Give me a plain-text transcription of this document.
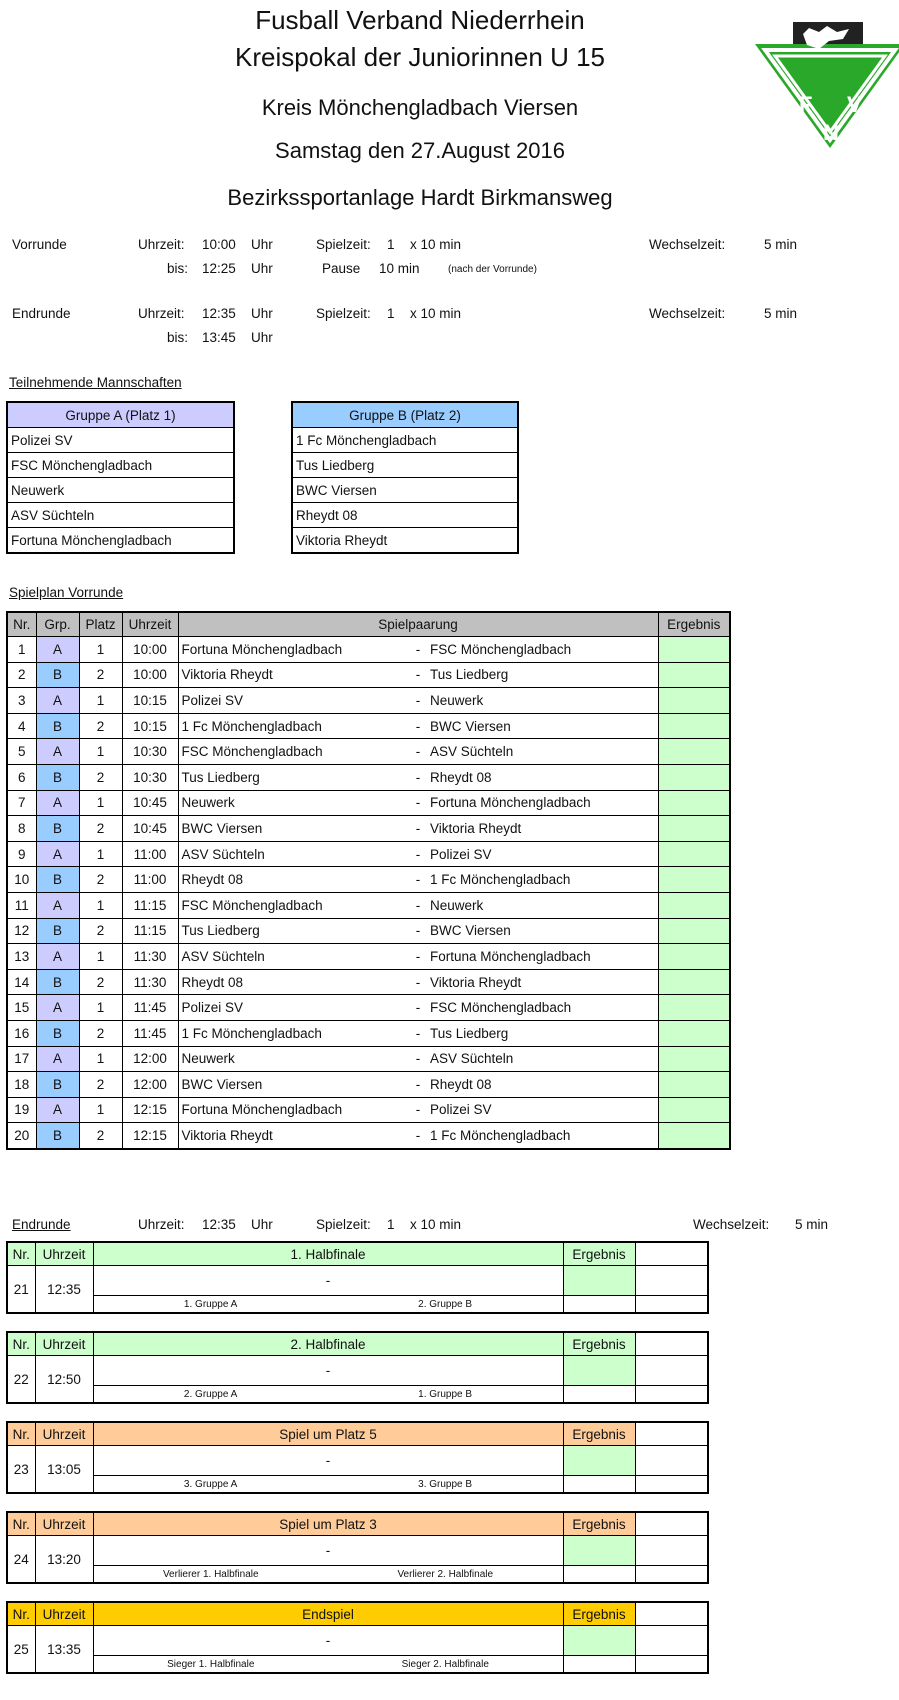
Fusball Verband Niederrhein
Kreispokal der Juniorinnen U 15
Kreis Mönchengladbach Viersen
Samstag den 27.August 2016
Bezirkssportanlage Hardt Birkmansweg
F V
N
Vorrunde	Uhrzeit: 10:00 Uhr	Spielzeit: 1 x 10 min	Wechselzeit:	5 min
bis: 12:25 Uhr	Pause 10 min	(nach der Vorrunde)
Endrunde	Uhrzeit: 12:35 Uhr	Spielzeit: 1 x 10 min	Wechselzeit:	5 min
bis: 13:45 Uhr
Teilnehmende Mannschaften
Gruppe A (Platz 1)
Polizei SV
FSC Mönchengladbach
Neuwerk
ASV Süchteln
Fortuna Mönchengladbach
Gruppe B (Platz 2)
1 Fc Mönchengladbach
Tus Liedberg
BWC Viersen
Rheydt 08
Viktoria Rheydt
Spielplan Vorrunde
Nr.	Grp.	Platz	Uhrzeit	Spielpaarung			Ergebnis
1	A	1	10:00	Fortuna Mönchengladbach	-	FSC Mönchengladbach	
2	B	2	10:00	Viktoria Rheydt	-	Tus Liedberg	
3	A	1	10:15	Polizei SV	-	Neuwerk	
4	B	2	10:15	1 Fc Mönchengladbach	-	BWC Viersen	
5	A	1	10:30	FSC Mönchengladbach	-	ASV Süchteln	
6	B	2	10:30	Tus Liedberg	-	Rheydt 08	
7	A	1	10:45	Neuwerk	-	Fortuna Mönchengladbach	
8	B	2	10:45	BWC Viersen	-	Viktoria Rheydt	
9	A	1	11:00	ASV Süchteln	-	Polizei SV	
10	B	2	11:00	Rheydt 08	-	1 Fc Mönchengladbach	
11	A	1	11:15	FSC Mönchengladbach	-	Neuwerk	
12	B	2	11:15	Tus Liedberg	-	BWC Viersen	
13	A	1	11:30	ASV Süchteln	-	Fortuna Mönchengladbach	
14	B	2	11:30	Rheydt 08	-	Viktoria Rheydt	
15	A	1	11:45	Polizei SV	-	FSC Mönchengladbach	
16	B	2	11:45	1 Fc Mönchengladbach	-	Tus Liedberg	
17	A	1	12:00	Neuwerk	-	ASV Süchteln	
18	B	2	12:00	BWC Viersen	-	Rheydt 08	
19	A	1	12:15	Fortuna Mönchengladbach	-	Polizei SV	
20	B	2	12:15	Viktoria Rheydt	-	1 Fc Mönchengladbach	
Endrunde	Uhrzeit: 12:35 Uhr	Spielzeit: 1 x 10 min	Wechselzeit: 5 min
Nr.	Uhrzeit	1. Halbfinale	Ergebnis	
21	12:35	-		

		1. Gruppe A 2. Gruppe B		

Nr.	Uhrzeit	2. Halbfinale	Ergebnis	
22	12:50	-		

		2. Gruppe A 1. Gruppe B		

Nr.	Uhrzeit	Spiel um Platz 5	Ergebnis	
23	13:05	-		

		3. Gruppe A 3. Gruppe B		

Nr.	Uhrzeit	Spiel um Platz 3	Ergebnis	
24	13:20	-		

		Verlierer 1. Halbfinale Verlierer 2. Halbfinale		

Nr.	Uhrzeit	Endspiel	Ergebnis	
25	13:35	-		

		Sieger 1. Halbfinale Sieger 2. Halbfinale		
